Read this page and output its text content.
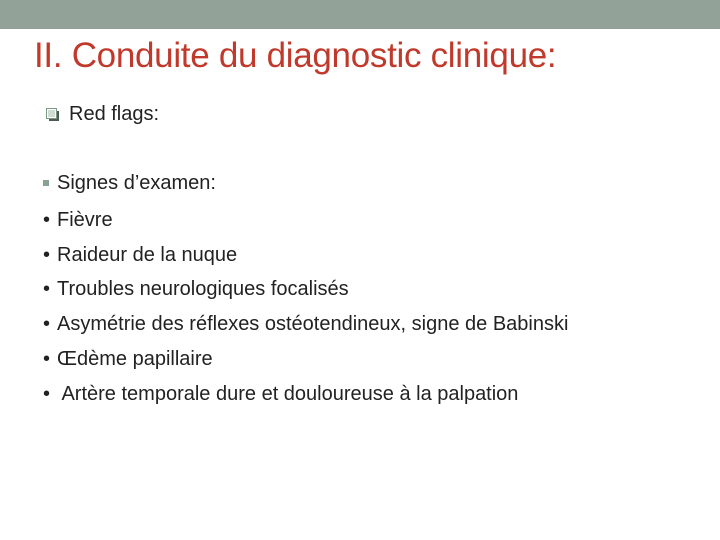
II. Conduite du diagnostic clinique:
Red flags:
Signes d’examen:
• Fièvre
• Raideur de la nuque
• Troubles neurologiques focalisés
• Asymétrie des réflexes ostéotendineux, signe de Babinski
• Œdème papillaire
• Artère temporale dure et douloureuse à la palpation
